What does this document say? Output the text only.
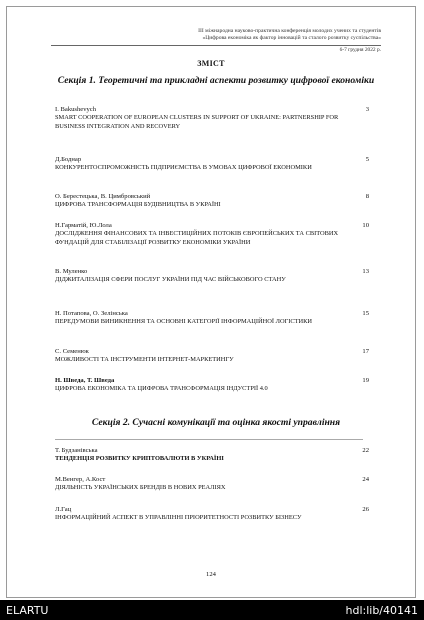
III міжнародна науково-практична конференція молодих учених та студентів
«Цифрова економіка як фактор інновацій та сталого розвитку суспільства»
6-7 грудня 2022 р.
ЗМІСТ
Секція 1. Теоретичні та прикладні аспекти розвитку цифрової економіки
I. Bakushevych
SMART COOPERATION OF EUROPEAN CLUSTERS IN SUPPORT OF UKRAINE: PARTNERSHIP FOR BUSINESS INTEGRATION AND RECOVERY
3
Д.Боднар
КОНКУРЕНТОСПРОМОЖНІСТЬ ПІДПРИЄМСТВА В УМОВАХ ЦИФРОВОЇ ЕКОНОМІКИ
5
О. Берестецька, В. Цимбровський
ЦИФРОВА ТРАНСФОРМАЦІЯ БУДІВНИЦТВА В УКРАЇНІ
8
Н.Гарматій, Ю.Лола
ДОСЛІДЖЕННЯ ФІНАНСОВИХ ТА ІНВЕСТИЦІЙНИХ ПОТОКІВ ЄВРОПЕЙСЬКИХ ТА СВІТОВИХ ФУНДАЦІЙ ДЛЯ СТАБІЛІЗАЦІЇ РОЗВИТКУ ЕКОНОМІКИ УКРАЇНИ
10
В. Муленко
ДІДЖИТАЛІЗАЦІЯ СФЕРИ ПОСЛУГ УКРАЇНИ ПІД ЧАС ВІЙСЬКОВОГО СТАНУ
13
Н. Потапова, О. Зелінська
ПЕРЕДУМОВИ ВИНИКНЕННЯ ТА ОСНОВНІ КАТЕГОРІЇ ІНФОРМАЦІЙНОЇ ЛОГІСТИКИ
15
С. Семенюк
МОЖЛИВОСТІ ТА ІНСТРУМЕНТИ ІНТЕРНЕТ-МАРКЕТИНГУ
17
Н. Шведа, Т. Шведа
ЦИФРОВА ЕКОНОМІКА ТА ЦИФРОВА ТРАНСФОРМАЦІЯ ІНДУСТРІЇ 4.0
19
Секція 2. Сучасні комунікації та оцінка якості управління
Т. Будзанівська
ТЕНДЕНЦІЯ РОЗВИТКУ КРИПТОВАЛЮТИ В УКРАЇНІ
22
М.Венгер, А.Кост
ДІЯЛЬНІСТЬ УКРАЇНСЬКИХ БРЕНДІВ В НОВИХ РЕАЛІЯХ
24
Л.Гац
ІНФОРМАЦІЙНИЙ АСПЕКТ В УПРАВЛІННІ ПРІОРИТЕТНОСТІ РОЗВИТКУ БІЗНЕСУ
26
124
ELARTU	hdl:lib/40141
